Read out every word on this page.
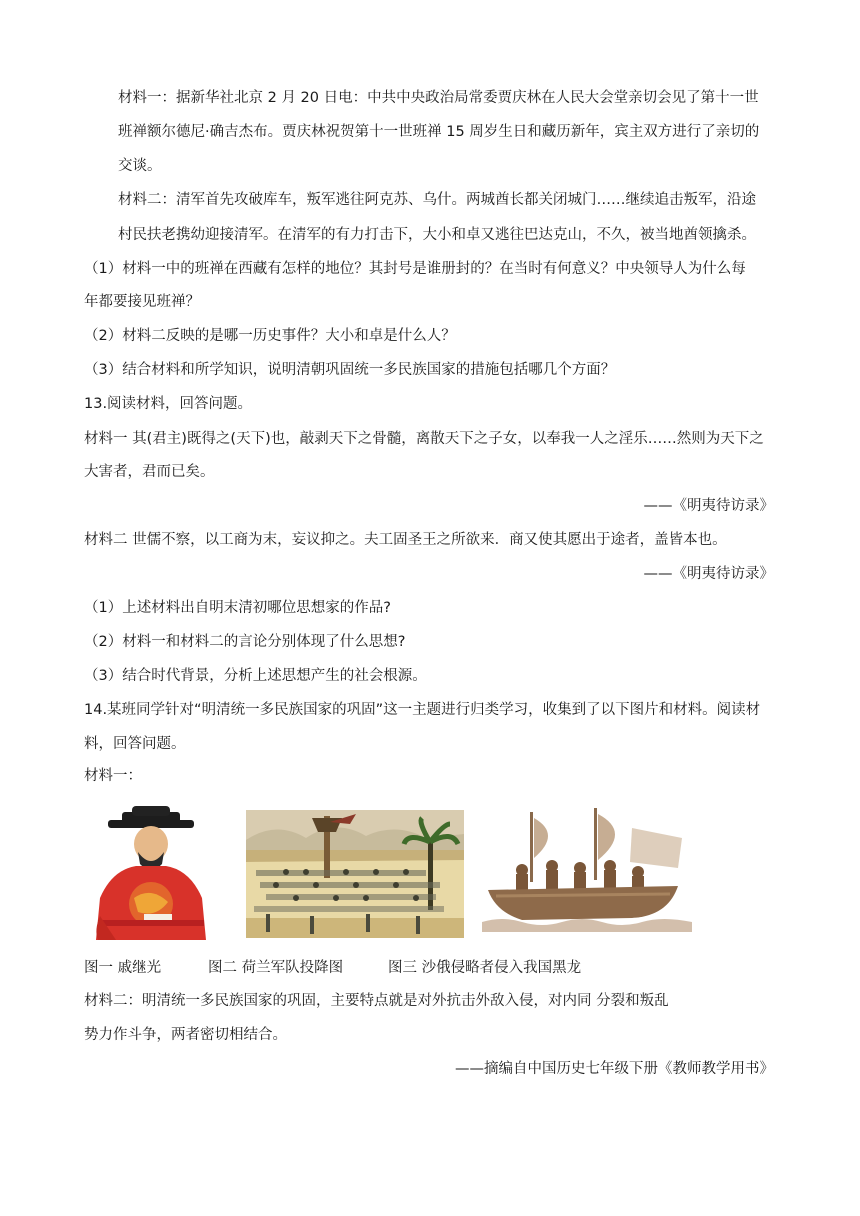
材料一：据新华社北京 2 月 20 日电：中共中央政治局常委贾庆林在人民大会堂亲切会见了第十一世
班禅额尔德尼·确吉杰布。贾庆林祝贺第十一世班禅 15 周岁生日和藏历新年，宾主双方进行了亲切的
交谈。
材料二：清军首先攻破库车，叛军逃往阿克苏、乌什。两城酋长都关闭城门……继续追击叛军，沿途
村民扶老携幼迎接清军。在清军的有力打击下，大小和卓又逃往巴达克山，不久，被当地酋领擒杀。
（1）材料一中的班禅在西藏有怎样的地位？其封号是谁册封的？在当时有何意义？中央领导人为什么每
年都要接见班禅？
（2）材料二反映的是哪一历史事件？大小和卓是什么人？
（3）结合材料和所学知识，说明清朝巩固统一多民族国家的措施包括哪几个方面？
13.阅读材料，回答问题。
材料一 其(君主)既得之(天下)也，敲剥天下之骨髓，离散天下之子女，以奉我一人之淫乐……然则为天下之
大害者，君而已矣。
——《明夷待访录》
材料二 世儒不察，以工商为末，妄议抑之。夫工固圣王之所欲来．商又使其愿出于途者，盖皆本也。
——《明夷待访录》
（1）上述材料出自明末清初哪位思想家的作品?
（2）材料一和材料二的言论分别体现了什么思想?
（3）结合时代背景，分析上述思想产生的社会根源。
14.某班同学针对“明清统一多民族国家的巩固”这一主题进行归类学习，收集到了以下图片和材料。阅读材
料，回答问题。
材料一：
图一 戚继光	图二 荷兰军队投降图	图三 沙俄侵略者侵入我国黑龙
材料二：明清统一多民族国家的巩固，主要特点就是对外抗击外敌入侵，对内同 分裂和叛乱
势力作斗争，两者密切相结合。
——摘编自中国历史七年级下册《教师教学用书》
